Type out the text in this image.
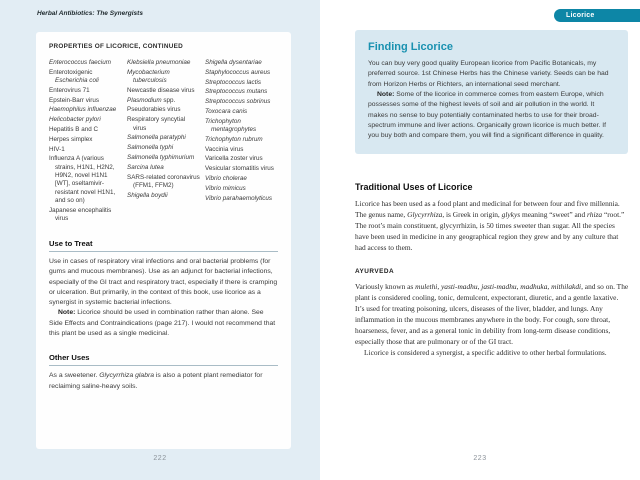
Herbal Antibiotics: The Synergists
PROPERTIES OF LICORICE, CONTINUED
Enterococcus faecium
Enterotoxigenic Escherichia coli
Enterovirus 71
Epstein-Barr virus
Haemophilus influenzae
Helicobacter pylori
Hepatitis B and C
Herpes simplex
HIV-1
Influenza A (various strains, H1N1, H2N2, H9N2, novel H1N1 [WT], oseltamivir-resistant novel H1N1, and so on)
Japanese encephalitis virus
Klebsiella pneumoniae
Mycobacterium tuberculosis
Newcastle disease virus
Plasmodium spp.
Pseudorabies virus
Respiratory syncytial virus
Salmonella paratyphi
Salmonella typhi
Salmonella typhimurium
Sarcina lutea
SARS-related coronavirus (FFM1, FFM2)
Shigella boydii
Shigella dysentariae
Staphylococcus aureus
Streptococcus lactis
Streptococcus mutans
Streptococcus sobrinus
Toxocara canis
Trichophyton mentagrophytes
Trichophyton rubrum
Vaccinia virus
Varicella zoster virus
Vesicular stomatitis virus
Vibrio cholerae
Vibrio mimicus
Vibrio parahaemolyticus
Use to Treat

Use in cases of respiratory viral infections and oral bacterial problems (for gums and mucous membranes). Use as an adjunct for bacterial infections, especially of the GI tract and respiratory tract, especially if there is cramping or ulceration. But primarily, in the context of this book, use licorice as a synergist in systemic bacterial infections.

Note: Licorice should be used in combination rather than alone. See Side Effects and Contraindications (page 217). I would not recommend that this plant be used as a single medicinal.

Other Uses

As a sweetener. Glycyrrhiza glabra is also a potent plant remediator for reclaiming saline-heavy soils.

222
Licorice
Finding Licorice

You can buy very good quality European licorice from Pacific Botanicals, my preferred source. 1st Chinese Herbs has the Chinese variety. Seeds can be had from Horizon Herbs or Richters, an international seed merchant.

Note: Some of the licorice in commerce comes from eastern Europe, which possesses some of the highest levels of soil and air pollution in the world. It makes no sense to buy potentially contaminated herbs to use for their broad-spectrum immune and liver actions. Organically grown licorice is much better. If you buy both and compare them, you will find a significant difference in quality.

Traditional Uses of Licorice

Licorice has been used as a food plant and medicinal for between four and five millennia. The genus name, Glycyrrhiza, is Greek in origin, glykys meaning “sweet” and rhiza “root.” The root’s main constituent, glycyrrhizin, is 50 times sweeter than sugar. All the species have been used in medicine in any geographical region they grew and by any culture that had access to them.

AYURVEDA

Variously known as mulethi, yasti-madhu, jasti-madhu, madhuka, mithilakdi, and so on. The plant is considered cooling, tonic, demulcent, expectorant, diuretic, and a gentle laxative. It’s used for treating poisoning, ulcers, diseases of the liver, bladder, and lungs. Any inflammation in the mucous membranes anywhere in the body. For cough, sore throat, hoarseness, fever, and as a general tonic in debility from long-term disease conditions, especially those that are pulmonary or of the GI tract.

Licorice is considered a synergist, a specific additive to other herbal formulations.

223
